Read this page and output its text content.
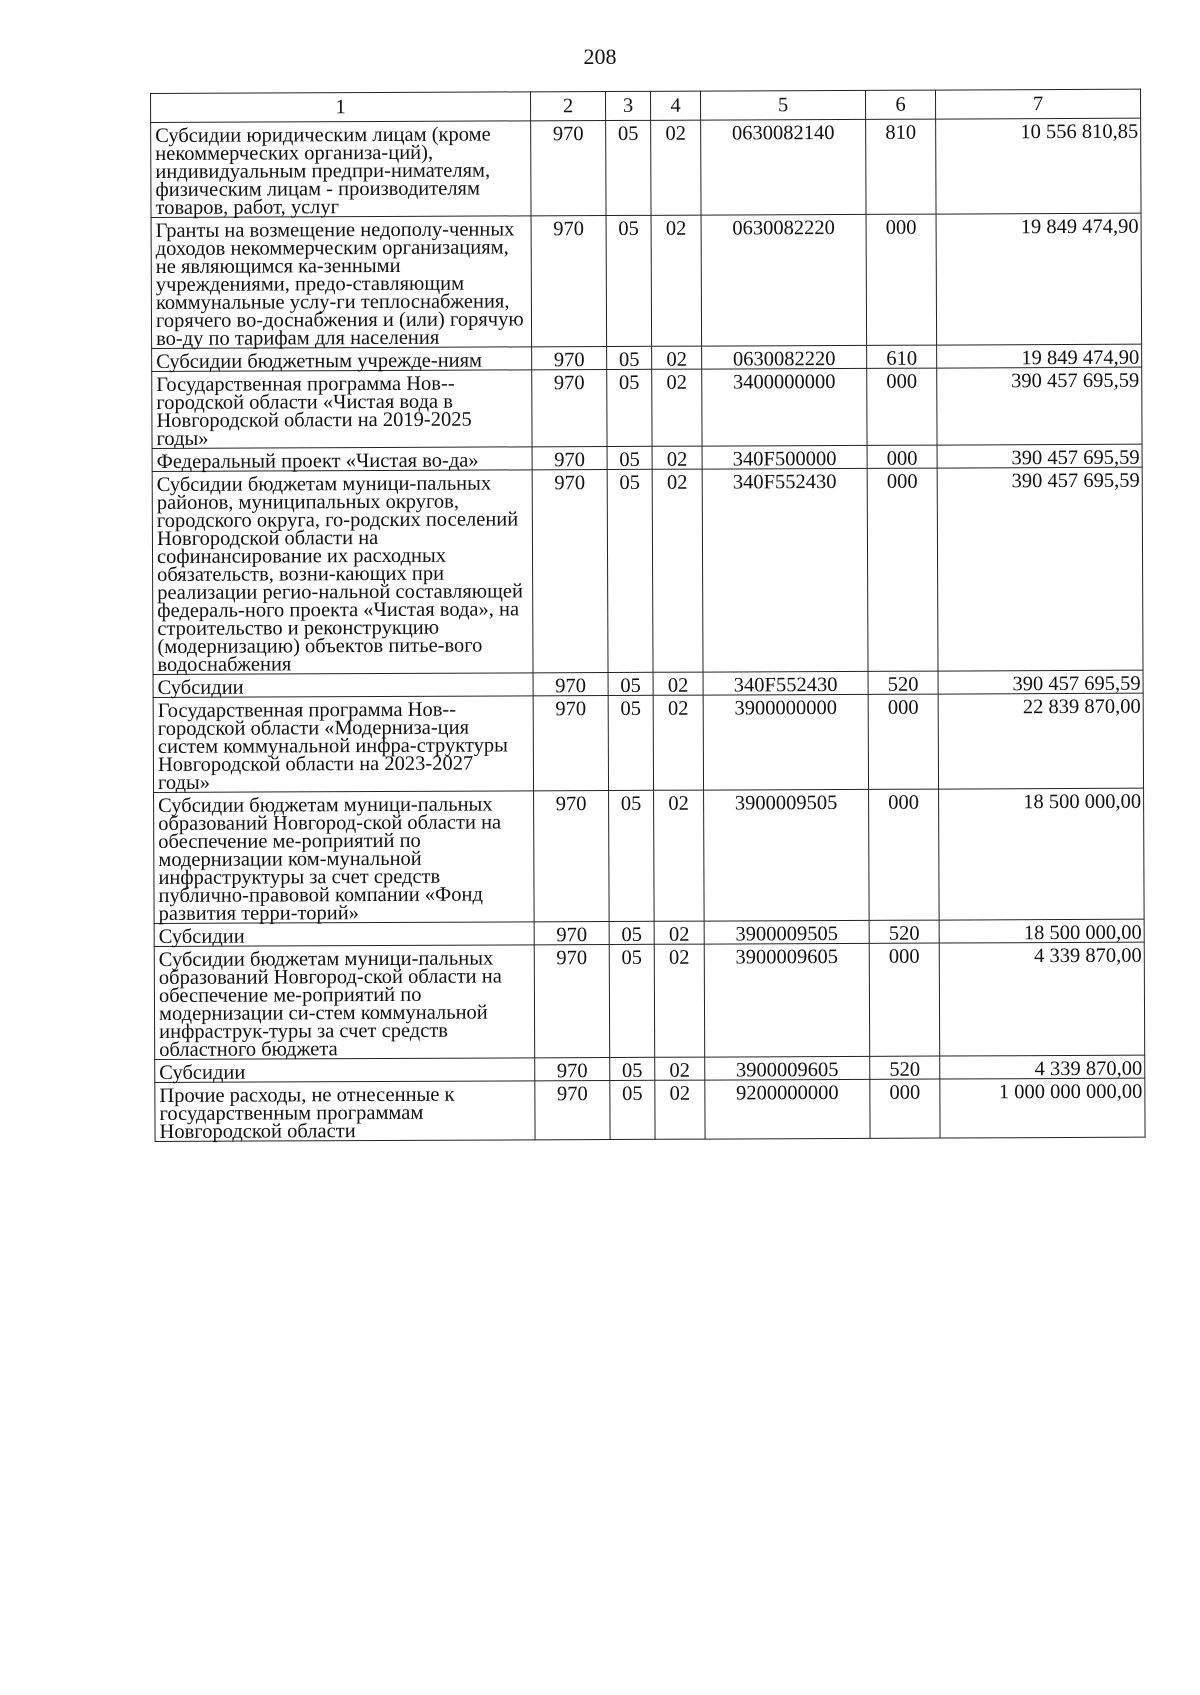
208
1	2	3	4	5	6	7
Субсидии юридическим лицам (кроме некоммерческих организа-ций), индивидуальным предпри-нимателям, физическим лицам - производителям товаров, работ, услуг	970	05	02	0630082140	810	10 556 810,85
Гранты на возмещение недополу-ченных доходов некоммерческим организациям, не являющимся ка-зенными учреждениями, предо-ставляющим коммунальные услу-ги теплоснабжения, горячего во-доснабжения и (или) горячую во-ду по тарифам для населения	970	05	02	0630082220	000	19 849 474,90
Субсидии бюджетным учрежде-ниям	970	05	02	0630082220	610	19 849 474,90
Государственная программа Нов-городской области «Чистая вода в Новгородской области на 2019-2025 годы»	970	05	02	3400000000	000	390 457 695,59
Федеральный проект «Чистая во-да»	970	05	02	340F500000	000	390 457 695,59
Субсидии бюджетам муници-пальных районов, муниципальных округов, городского округа, го-родских поселений Новгородской области на софинансирование их расходных обязательств, возни-кающих при реализации регио-нальной составляющей федераль-ного проекта «Чистая вода», на строительство и реконструкцию (модернизацию) объектов питье-вого водоснабжения	970	05	02	340F552430	000	390 457 695,59
Субсидии	970	05	02	340F552430	520	390 457 695,59
Государственная программа Нов-городской области «Модерниза-ция систем коммунальной инфра-структуры Новгородской области на 2023-2027 годы»	970	05	02	3900000000	000	22 839 870,00
Субсидии бюджетам муници-пальных образований Новгород-ской области на обеспечение ме-роприятий по модернизации ком-мунальной инфраструктуры за счет средств публично-правовой компании «Фонд развития терри-торий»	970	05	02	3900009505	000	18 500 000,00
Субсидии	970	05	02	3900009505	520	18 500 000,00
Субсидии бюджетам муници-пальных образований Новгород-ской области на обеспечение ме-роприятий по модернизации си-стем коммунальной инфраструк-туры за счет средств областного бюджета	970	05	02	3900009605	000	4 339 870,00
Субсидии	970	05	02	3900009605	520	4 339 870,00
Прочие расходы, не отнесенные к государственным программам Новгородской области	970	05	02	9200000000	000	1 000 000 000,00
